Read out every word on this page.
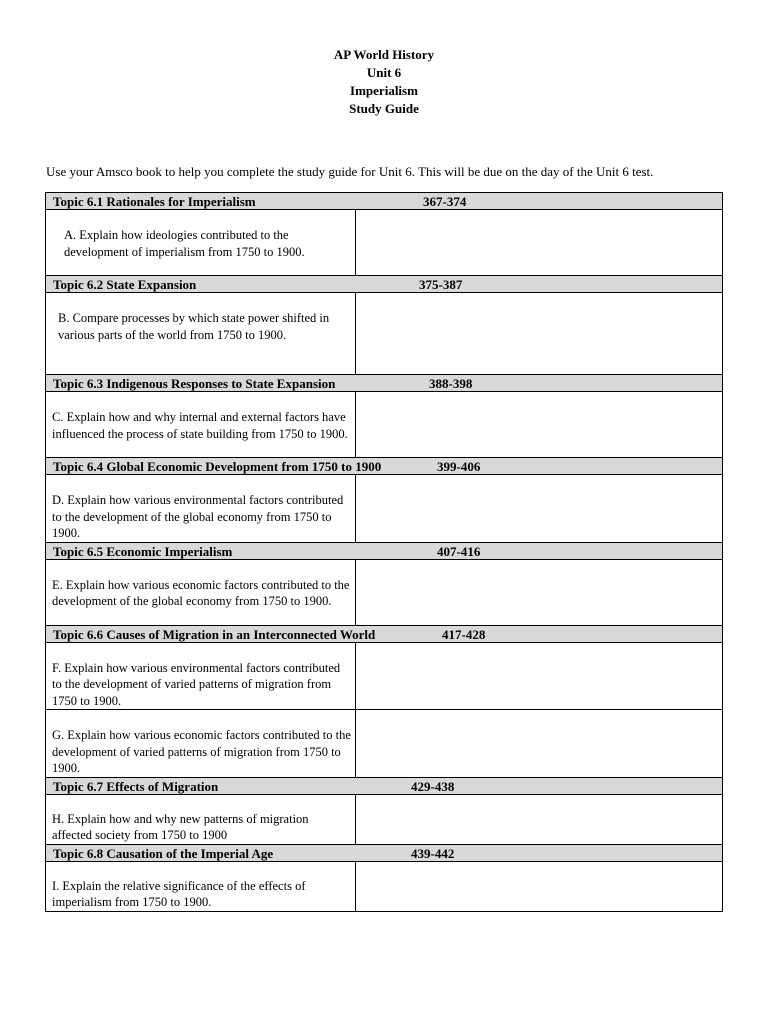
AP World History
Unit 6
Imperialism
Study Guide
Use your Amsco book to help you complete the study guide for Unit 6. This will be due on the day of the Unit 6 test.
Topic 6.1 Rationales for Imperialism 367-374	

A. Explain how ideologies contributed to the development of imperialism from 1750 to 1900.	

Topic 6.2 State Expansion 375-387	

B. Compare processes by which state power shifted in various parts of the world from 1750 to 1900.	

Topic 6.3 Indigenous Responses to State Expansion 388-398	

C. Explain how and why internal and external factors have influenced the process of state building from 1750 to 1900.	

Topic 6.4 Global Economic Development from 1750 to 1900 399-406	

D. Explain how various environmental factors contributed to the development of the global economy from 1750 to 1900.	

Topic 6.5 Economic Imperialism 407-416	

E. Explain how various economic factors contributed to the development of the global economy from 1750 to 1900.	

Topic 6.6 Causes of Migration in an Interconnected World 417-428	

F. Explain how various environmental factors contributed to the development of varied patterns of migration from 1750 to 1900.	

G. Explain how various economic factors contributed to the development of varied patterns of migration from 1750 to 1900.	

Topic 6.7 Effects of Migration 429-438	

H. Explain how and why new patterns of migration affected society from 1750 to 1900	

Topic 6.8 Causation of the Imperial Age 439-442	

I. Explain the relative significance of the effects of imperialism from 1750 to 1900.	
